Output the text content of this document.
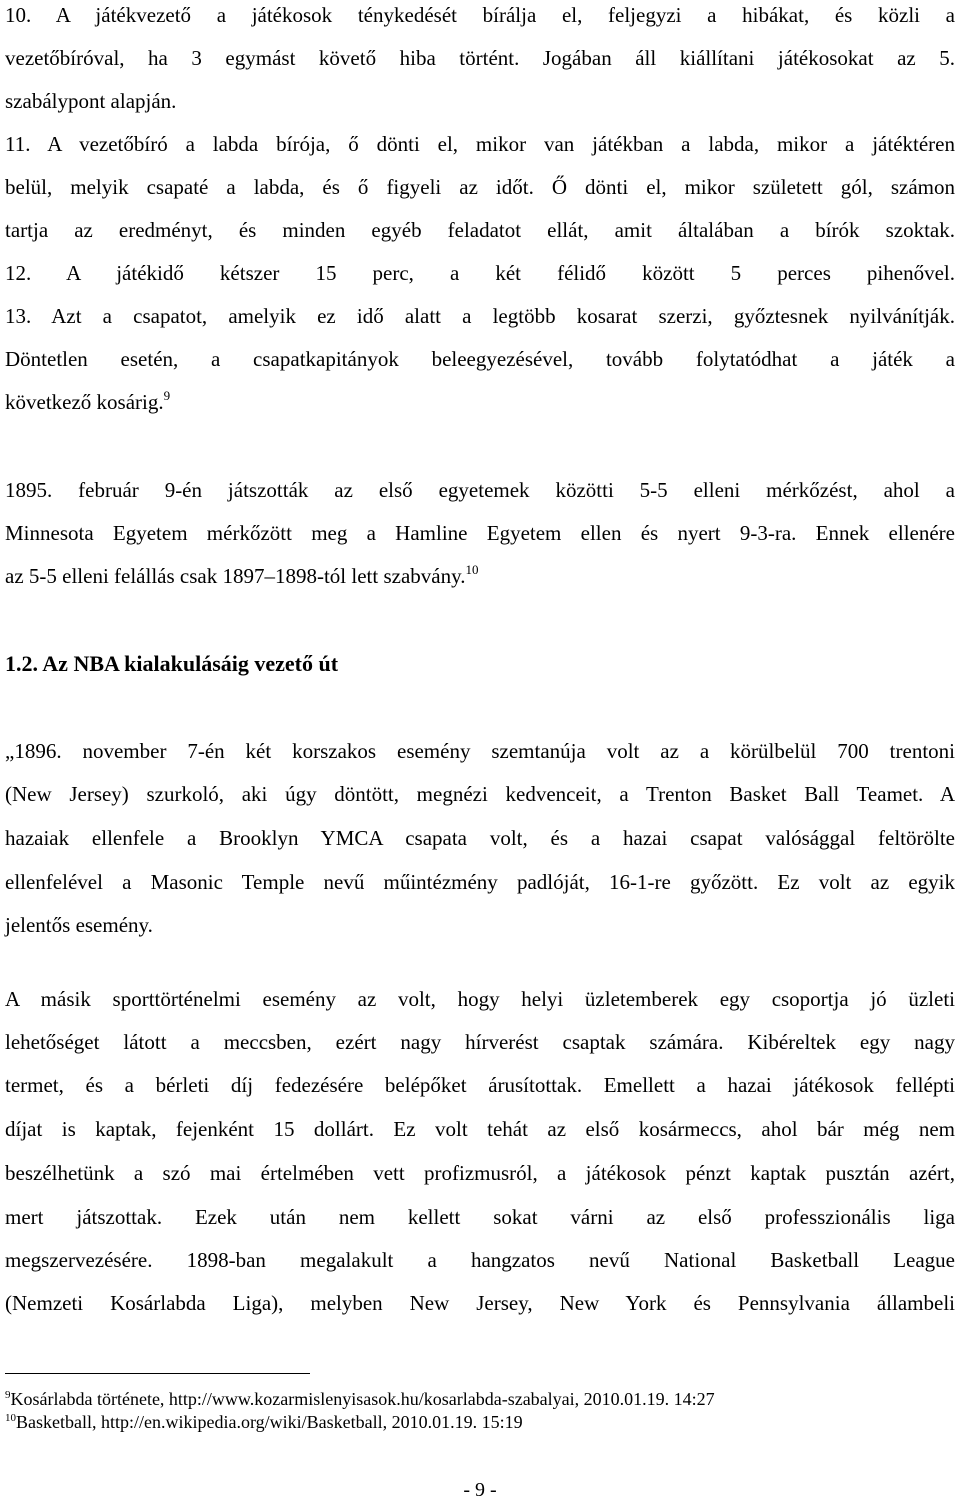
10. A játékvezető a játékosok ténykedését bírálja el, feljegyzi a hibákat, és közli a
vezetőbíróval, ha 3 egymást követő hiba történt. Jogában áll kiállítani játékosokat az 5.
szabálypont alapján.
11. A vezetőbíró a labda bírója, ő dönti el, mikor van játékban a labda, mikor a játéktéren
belül, melyik csapaté a labda, és ő figyeli az időt. Ő dönti el, mikor született gól, számon
tartja az eredményt, és minden egyéb feladatot ellát, amit általában a bírók szoktak.
12. A játékidő kétszer 15 perc, a két félidő között 5 perces pihenővel.
13. Azt a csapatot, amelyik ez idő alatt a legtöbb kosarat szerzi, győztesnek nyilvánítják.
Döntetlen esetén, a csapatkapitányok beleegyezésével, tovább folytatódhat a játék a
következő kosárig.$^9$
1895. február 9-én játszották az első egyetemek közötti 5-5 elleni mérkőzést, ahol a
Minnesota Egyetem mérkőzött meg a Hamline Egyetem ellen és nyert 9-3-ra. Ennek ellenére
az 5-5 elleni felállás csak 1897–1898-tól lett szabvány.$^{10}$
1.2. Az NBA kialakulásáig vezető út
„1896. november 7-én két korszakos esemény szemtanúja volt az a körülbelül 700 trentoni
(New Jersey) szurkoló, aki úgy döntött, megnézi kedvenceit, a Trenton Basket Ball Teamet. A
hazaiak ellenfele a Brooklyn YMCA csapata volt, és a hazai csapat valósággal feltörölte
ellenfelével a Masonic Temple nevű műintézmény padlóját, 16-1-re győzött. Ez volt az egyik
jelentős esemény.
A másik sporttörténelmi esemény az volt, hogy helyi üzletemberek egy csoportja jó üzleti
lehetőséget látott a meccsben, ezért nagy hírverést csaptak számára. Kibéreltek egy nagy
termet, és a bérleti díj fedezésére belépőket árusítottak. Emellett a hazai játékosok fellépti
díjat is kaptak, fejenként 15 dollárt. Ez volt tehát az első kosármeccs, ahol bár még nem
beszélhetünk a szó mai értelmében vett profizmusról, a játékosok pénzt kaptak pusztán azért,
mert játszottak. Ezek után nem kellett sokat várni az első professzionális liga
megszervezésére. 1898-ban megalakult a hangzatos nevű National Basketball League
(Nemzeti Kosárlabda Liga), melyben New Jersey, New York és Pennsylvania állambeli
$^9$Kosárlabda története, http://www.kozarmislenyisasok.hu/kosarlabda-szabalyai, 2010.01.19. 14:27
$^{10}$Basketball, http://en.wikipedia.org/wiki/Basketball, 2010.01.19. 15:19
- 9 -
